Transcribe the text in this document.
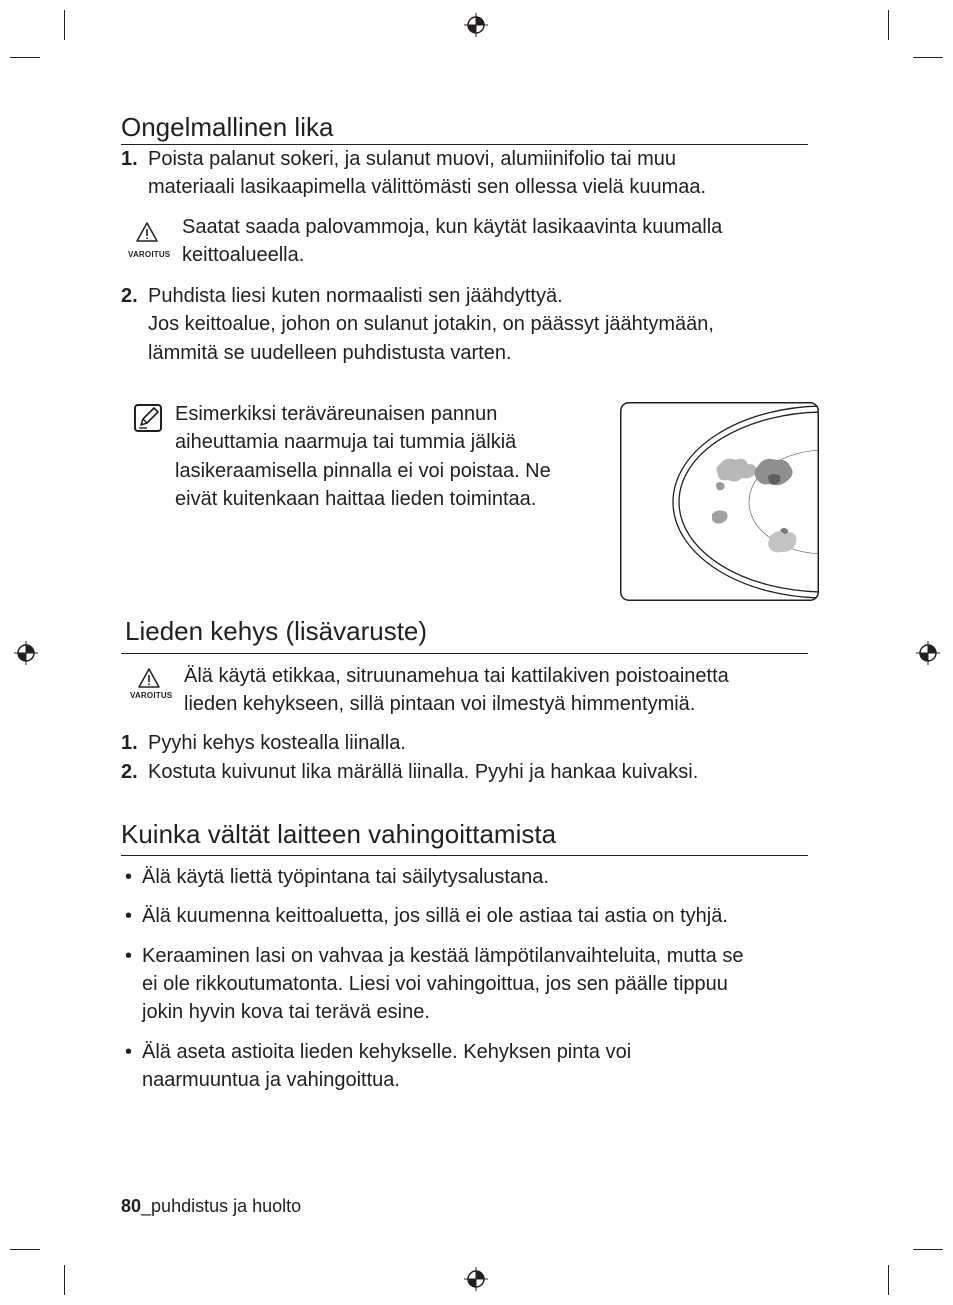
Ongelmallinen lika
1. Poista palanut sokeri, ja sulanut muovi, alumiinifolio tai muu
materiaali lasikaapimella välittömästi sen ollessa vielä kuumaa.
VAROITUS
Saatat saada palovammoja, kun käytät lasikaavinta kuumalla
keittoalueella.
2. Puhdista liesi kuten normaalisti sen jäähdyttyä.
Jos keittoalue, johon on sulanut jotakin, on päässyt jäähtymään,
lämmitä se uudelleen puhdistusta varten.
Esimerkiksi teräväreunaisen pannun
aiheuttamia naarmuja tai tummia jälkiä
lasikeraamisella pinnalla ei voi poistaa. Ne
eivät kuitenkaan haittaa lieden toimintaa.
Lieden kehys (lisävaruste)
VAROITUS
Älä käytä etikkaa, sitruunamehua tai kattilakiven poistoainetta
lieden kehykseen, sillä pintaan voi ilmestyä himmentymiä.
1. Pyyhi kehys kostealla liinalla.
2. Kostuta kuivunut lika märällä liinalla. Pyyhi ja hankaa kuivaksi.
Kuinka vältät laitteen vahingoittamista
• Älä käytä liettä työpintana tai säilytysalustana.
• Älä kuumenna keittoaluetta, jos sillä ei ole astiaa tai astia on tyhjä.
• Keraaminen lasi on vahvaa ja kestää lämpötilanvaihteluita, mutta se
ei ole rikkoutumatonta. Liesi voi vahingoittua, jos sen päälle tippuu
jokin hyvin kova tai terävä esine.
• Älä aseta astioita lieden kehykselle. Kehyksen pinta voi
naarmuuntua ja vahingoittua.
80_puhdistus ja huolto
